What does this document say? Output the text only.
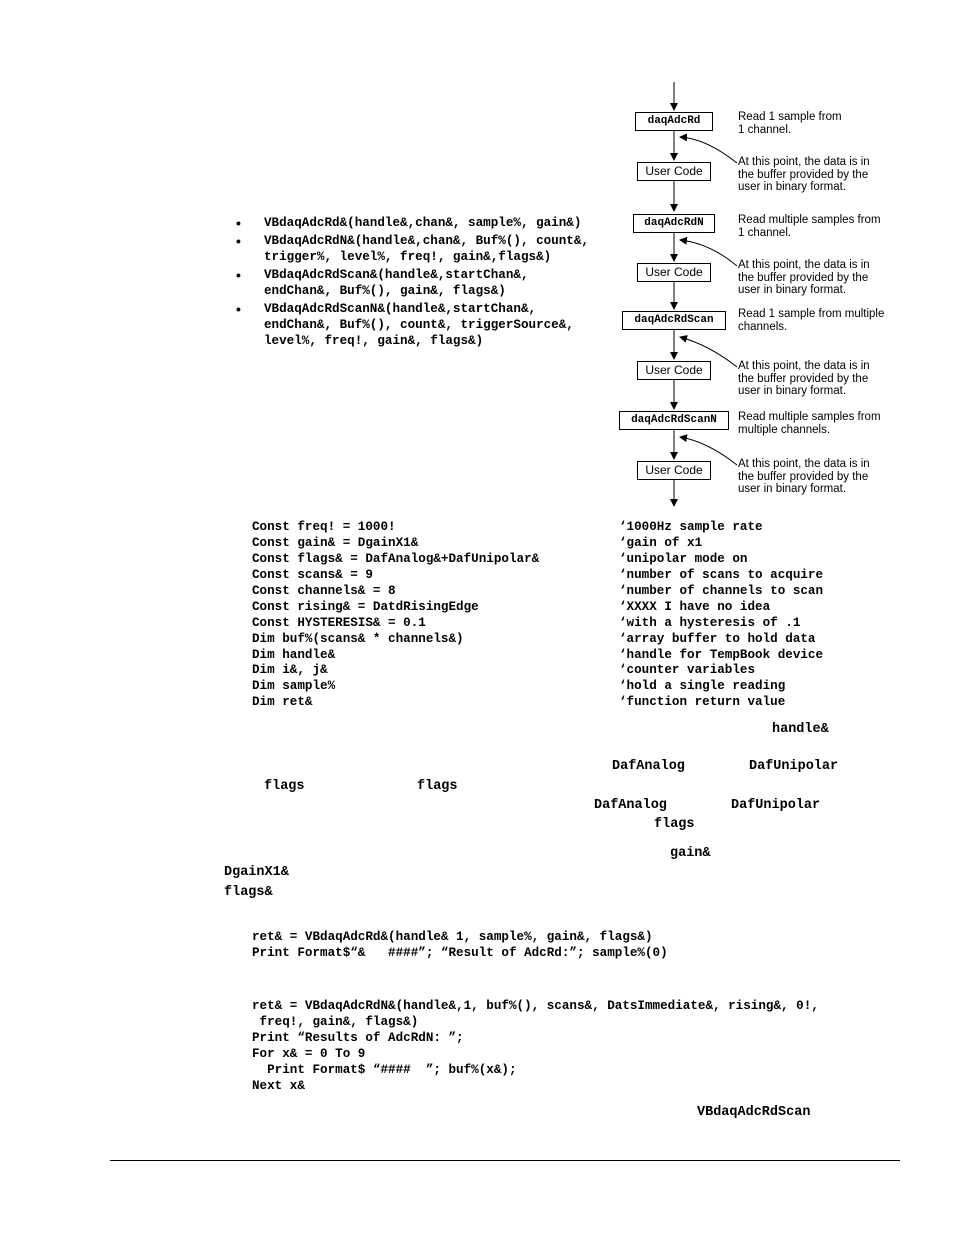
• VBdaqAdcRd&(handle&,chan&, sample%, gain&)
• VBdaqAdcRdN&(handle&,chan&, Buf%(), count&, trigger%, level%, freq!, gain&,flags&)
• VBdaqAdcRdScan&(handle&,startChan&, endChan&, Buf%(), gain&, flags&)
• VBdaqAdcRdScanN&(handle&,startChan&, endChan&, Buf%(), count&, triggerSource&, level%, freq!, gain&, flags&)
daqAdcRd
User Code
daqAdcRdN
User Code
daqAdcRdScan
User Code
daqAdcRdScanN
User Code
Read 1 sample from
1 channel.
At this point, the data is in
the buffer provided by the
user in binary format.
Read multiple samples from
1 channel.
At this point, the data is in
the buffer provided by the
user in binary format.
Read 1 sample from multiple
channels.
At this point, the data is in
the buffer provided by the
user in binary format.
Read multiple samples from
multiple channels.
At this point, the data is in
the buffer provided by the
user in binary format.
Const freq! = 1000!	‘1000Hz sample rate
Const gain& = DgainX1&	‘gain of x1
Const flags& = DafAnalog&+DafUnipolar&	‘unipolar mode on
Const scans& = 9	‘number of scans to acquire
Const channels& = 8	‘number of channels to scan
Const rising& = DatdRisingEdge	‘XXXX I have no idea
Const HYSTERESIS& = 0.1	‘with a hysteresis of .1
Dim buf%(scans& * channels&)	‘array buffer to hold data
Dim handle&	‘handle for TempBook device
Dim i&, j&	‘counter variables
Dim sample%	‘hold a single reading
Dim ret&	‘function return value
handle&
DafAnalog	DafUnipolar
flags	flags
DafAnalog	DafUnipolar
flags
gain&
DgainX1&
flags&
ret& = VBdaqAdcRd&(handle& 1, sample%, gain&, flags&)
Print Format$“&   ####”; “Result of AdcRd:”; sample%(0)
ret& = VBdaqAdcRdN&(handle&,1, buf%(), scans&, DatsImmediate&, rising&, 0!,
freq!, gain&, flags&)
Print “Results of AdcRdN: ”;
For x& = 0 To 9
Print Format$ “####  ”; buf%(x&);
Next x&
VBdaqAdcRdScan
